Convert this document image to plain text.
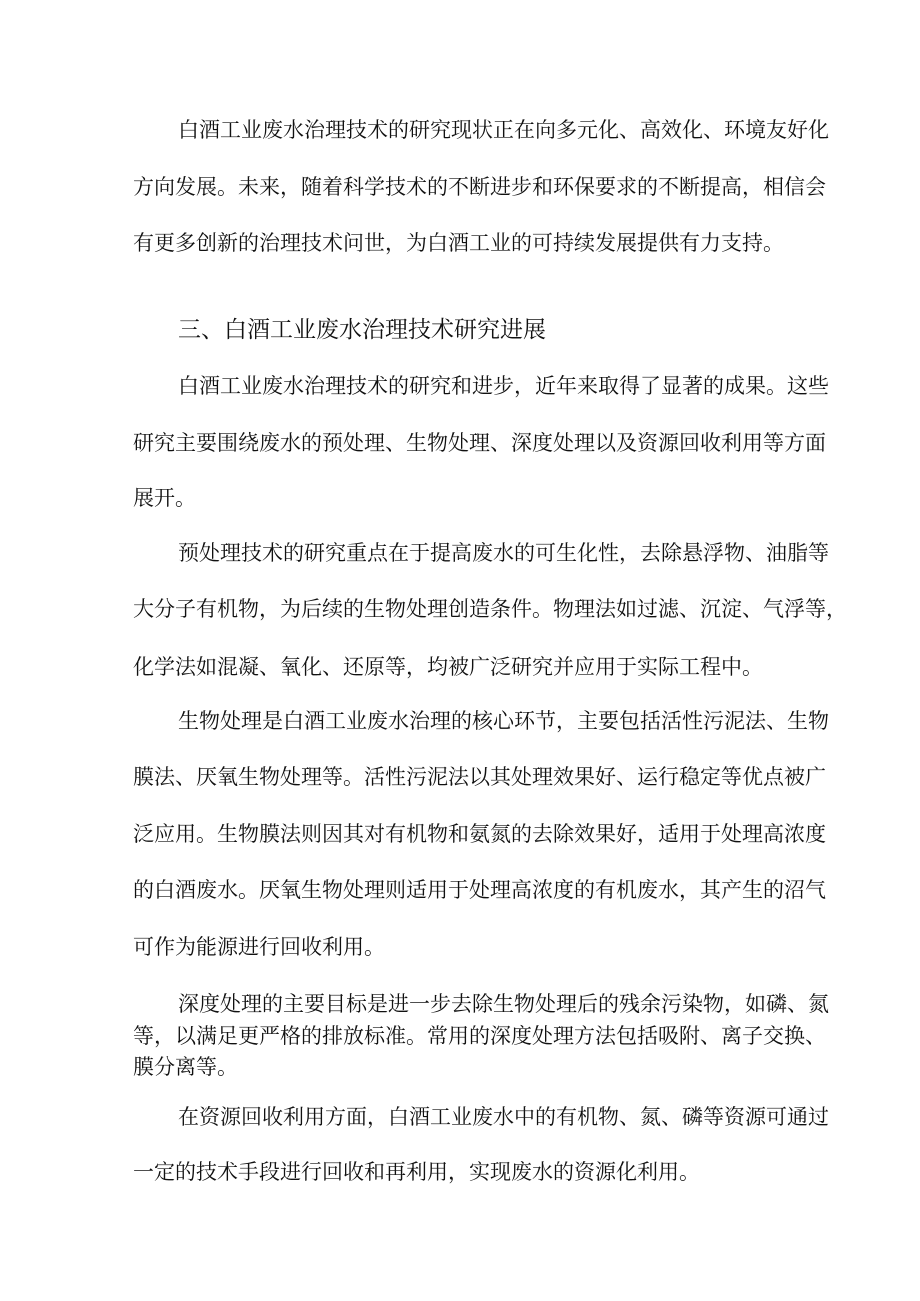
白酒工业废水治理技术的研究现状正在向多元化、高效化、环境友好化
方向发展。未来，随着科学技术的不断进步和环保要求的不断提高，相信会
有更多创新的治理技术问世，为白酒工业的可持续发展提供有力支持。
三、白酒工业废水治理技术研究进展
白酒工业废水治理技术的研究和进步，近年来取得了显著的成果。这些
研究主要围绕废水的预处理、生物处理、深度处理以及资源回收利用等方面
展开。
预处理技术的研究重点在于提高废水的可生化性，去除悬浮物、油脂等
大分子有机物，为后续的生物处理创造条件。物理法如过滤、沉淀、气浮等，
化学法如混凝、氧化、还原等，均被广泛研究并应用于实际工程中。
生物处理是白酒工业废水治理的核心环节，主要包括活性污泥法、生物
膜法、厌氧生物处理等。活性污泥法以其处理效果好、运行稳定等优点被广
泛应用。生物膜法则因其对有机物和氨氮的去除效果好，适用于处理高浓度
的白酒废水。厌氧生物处理则适用于处理高浓度的有机废水，其产生的沼气
可作为能源进行回收利用。
深度处理的主要目标是进一步去除生物处理后的残余污染物，如磷、氮
等，以满足更严格的排放标准。常用的深度处理方法包括吸附、离子交换、
膜分离等。
在资源回收利用方面，白酒工业废水中的有机物、氮、磷等资源可通过
一定的技术手段进行回收和再利用，实现废水的资源化利用。
